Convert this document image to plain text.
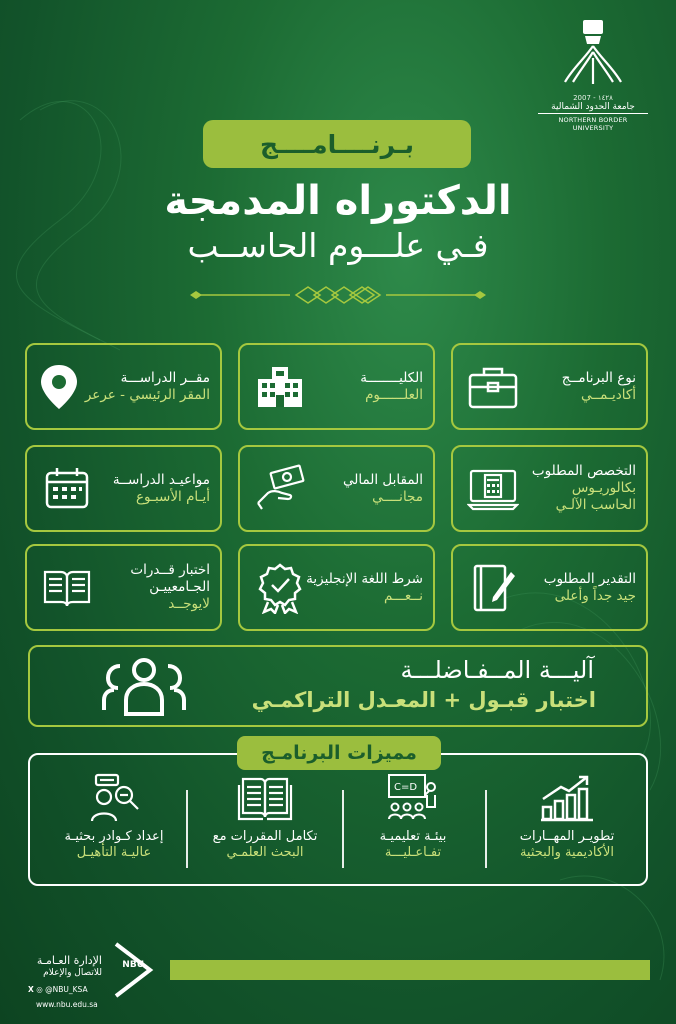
2007 - ١٤٢٨
جامعة الحدود الشمالية
NORTHERN BORDER UNIVERSITY
بـرنــــامــــج
الدكتوراه المدمجة
فـي علـــوم الحاســب
نوع البرنامــج
أكاديـمــي
الكليــــــــة
العلــــــوم
مقــر الدراســـة
المقر الرئيسي - عرعر
التخصص المطلوب
بكالوريـوس
الحاسب الآلـي
المقابل المالي
مجانــــي
مواعيـد الدراســة
أيـام الأسبـوع
التقدير المطلوب
جيد جداً وأعلى
شرط اللغة الإنجليزية
نــعـــم
اختبار قــدرات
الجـامعييـن
لايوجــد
آليـــة المــفـاضلـــة
اختبار قبـول + المعـدل التراكمـي
مميزات البرنامـج
تطويـر المهــارات
الأكاديمية والبحثية
C=D
بيئـة تعليميـة
تفـاعـليـــة
تكامل المقررات مع
البحث العلمـي
إعداد كـوادر بحثيـة
عاليـة التأهيـل
NBU
الإدارة العـامـة
للاتصال والإعلام
X ◎ @NBU_KSA
www.nbu.edu.sa
